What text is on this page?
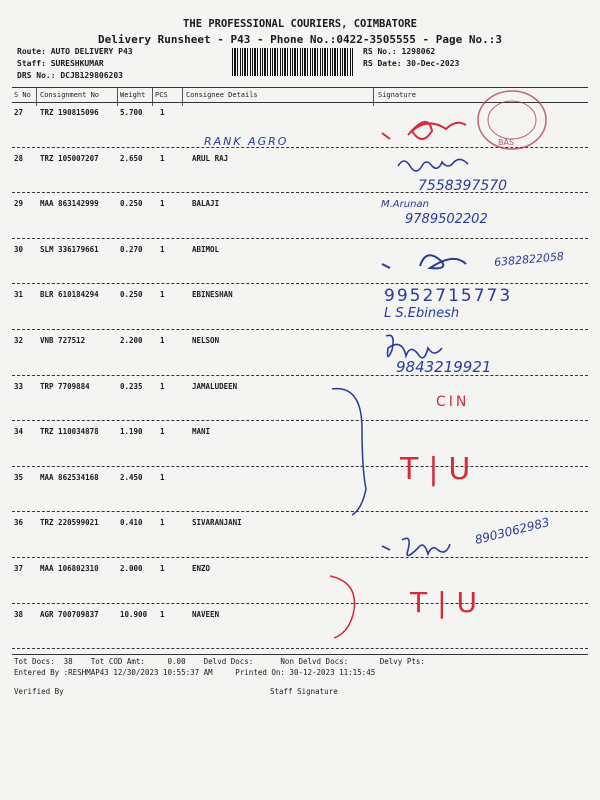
THE PROFESSIONAL COURIERS, COIMBATORE
Delivery Runsheet - P43 - Phone No.:0422-3505555 - Page No.:3
Route: AUTO DELIVERY P43
Staff: SURESHKUMAR
DRS No.: DCJB129806203
RS No.: 1298062
RS Date: 30-Dec-2023
S No Consignment No	Weight PCS	Consignee Details	Signature
27 TRZ 190815096	5.700 1
28 TRZ 105007207	2.650 1	ARUL RAJ
29 MAA 863142999	0.250 1	BALAJI
30 SLM 336179661	0.270 1	ABIMOL
31 BLR 610184294	0.250 1	EBINESHAN
32 VNB 727512	2.200 1	NELSON
33 TRP 7709884	0.235 1	JAMALUDEEN
34 TRZ 110034878	1.190 1	MANI
35 MAA 862534168	2.450 1
36 TRZ 220599021	0.410 1	SIVARANJANI
37 MAA 106802310	2.000 1	ENZO
38 AGR 700709837	10.900 1	NAVEEN
BAS
RANK AGRO
7558397570
M.Arunan
9789502202
6382822058
9952715773
L S.Ebinesh
9843219921
CIN
T|U
8903062983
T|U
Tot Docs:  38    Tot COD Amt:     0.00    Delvd Docs:      Non Delvd Docs:       Delvy Pts:
Entered By :RESHMAP43 12/30/2023 10:55:37 AM     Printed On: 30-12-2023 11:15:45
Verified By	Staff Signature
